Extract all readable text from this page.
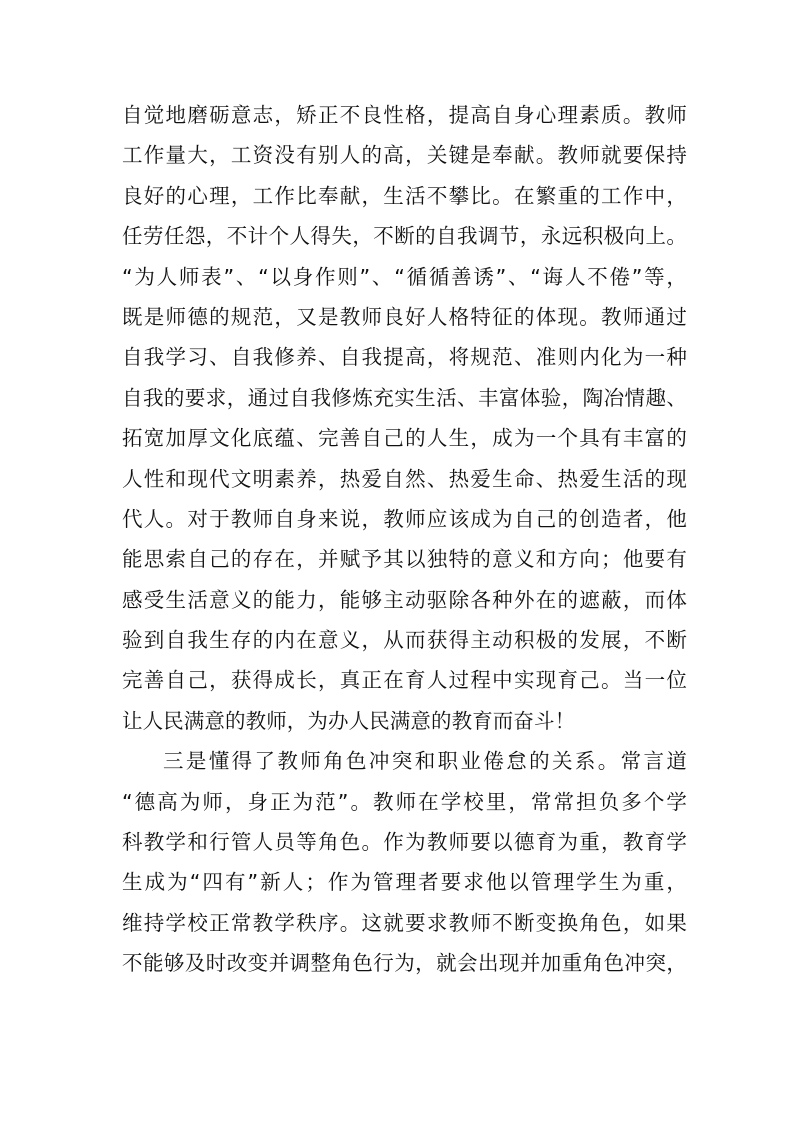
自觉地磨砺意志，矫正不良性格，提高自身心理素质。教师
工作量大，工资没有别人的高，关键是奉献。教师就要保持
良好的心理，工作比奉献，生活不攀比。在繁重的工作中，
任劳任怨，不计个人得失，不断的自我调节，永远积极向上。
“为人师表”、“以身作则”、“循循善诱”、“诲人不倦”等，
既是师德的规范，又是教师良好人格特征的体现。教师通过
自我学习、自我修养、自我提高，将规范、准则内化为一种
自我的要求，通过自我修炼充实生活、丰富体验，陶冶情趣、
拓宽加厚文化底蕴、完善自己的人生，成为一个具有丰富的
人性和现代文明素养，热爱自然、热爱生命、热爱生活的现
代人。对于教师自身来说，教师应该成为自己的创造者，他
能思索自己的存在，并赋予其以独特的意义和方向；他要有
感受生活意义的能力，能够主动驱除各种外在的遮蔽，而体
验到自我生存的内在意义，从而获得主动积极的发展，不断
完善自己，获得成长，真正在育人过程中实现育己。当一位
让人民满意的教师，为办人民满意的教育而奋斗！
三是懂得了教师角色冲突和职业倦怠的关系。常言道
“德高为师，身正为范”。教师在学校里，常常担负多个学
科教学和行管人员等角色。作为教师要以德育为重，教育学
生成为“四有”新人；作为管理者要求他以管理学生为重，
维持学校正常教学秩序。这就要求教师不断变换角色，如果
不能够及时改变并调整角色行为，就会出现并加重角色冲突，
